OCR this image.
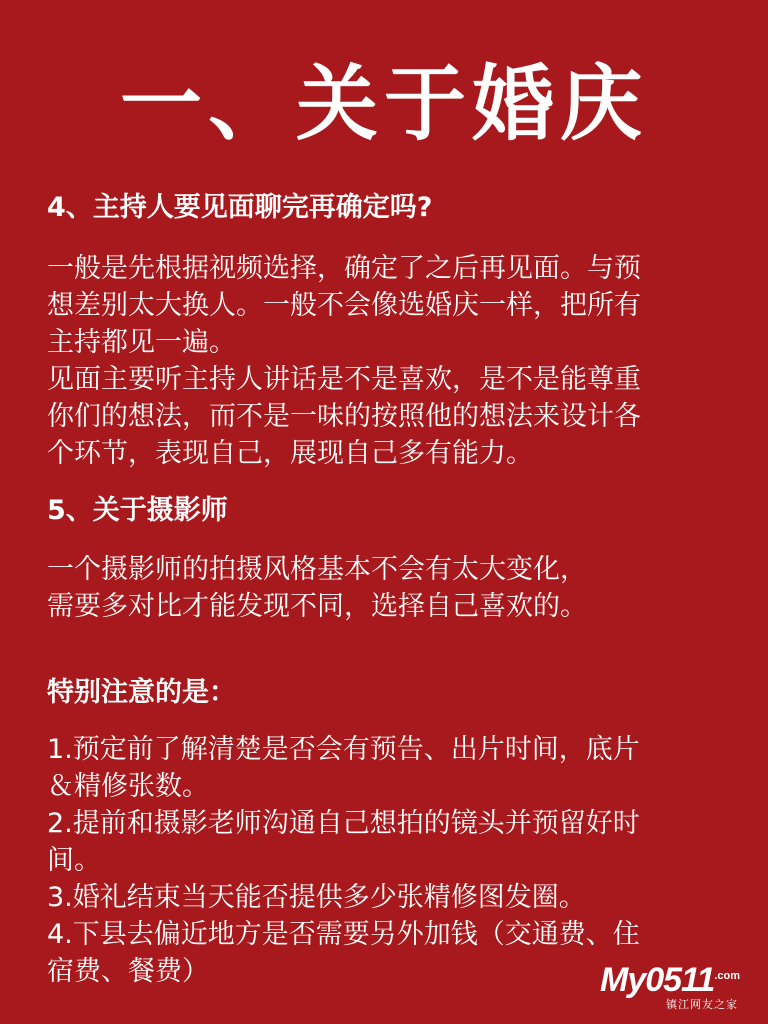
一、关于婚庆
4、主持人要见面聊完再确定吗?

一般是先根据视频选择，确定了之后再见面。与预

想差别太大换人。一般不会像选婚庆一样，把所有

主持都见一遍。

见面主要听主持人讲话是不是喜欢，是不是能尊重

你们的想法，而不是一味的按照他的想法来设计各

个环节，表现自己，展现自己多有能力。

5、关于摄影师

一个摄影师的拍摄风格基本不会有太大变化，

需要多对比才能发现不同，选择自己喜欢的。

特别注意的是：

1.预定前了解清楚是否会有预告、出片时间，底片

＆精修张数。

2.提前和摄影老师沟通自己想拍的镜头并预留好时

间。

3.婚礼结束当天能否提供多少张精修图发圈。

4.下县去偏近地方是否需要另外加钱（交通费、住

宿费、餐费）	My0511 .com
镇江网友之家
